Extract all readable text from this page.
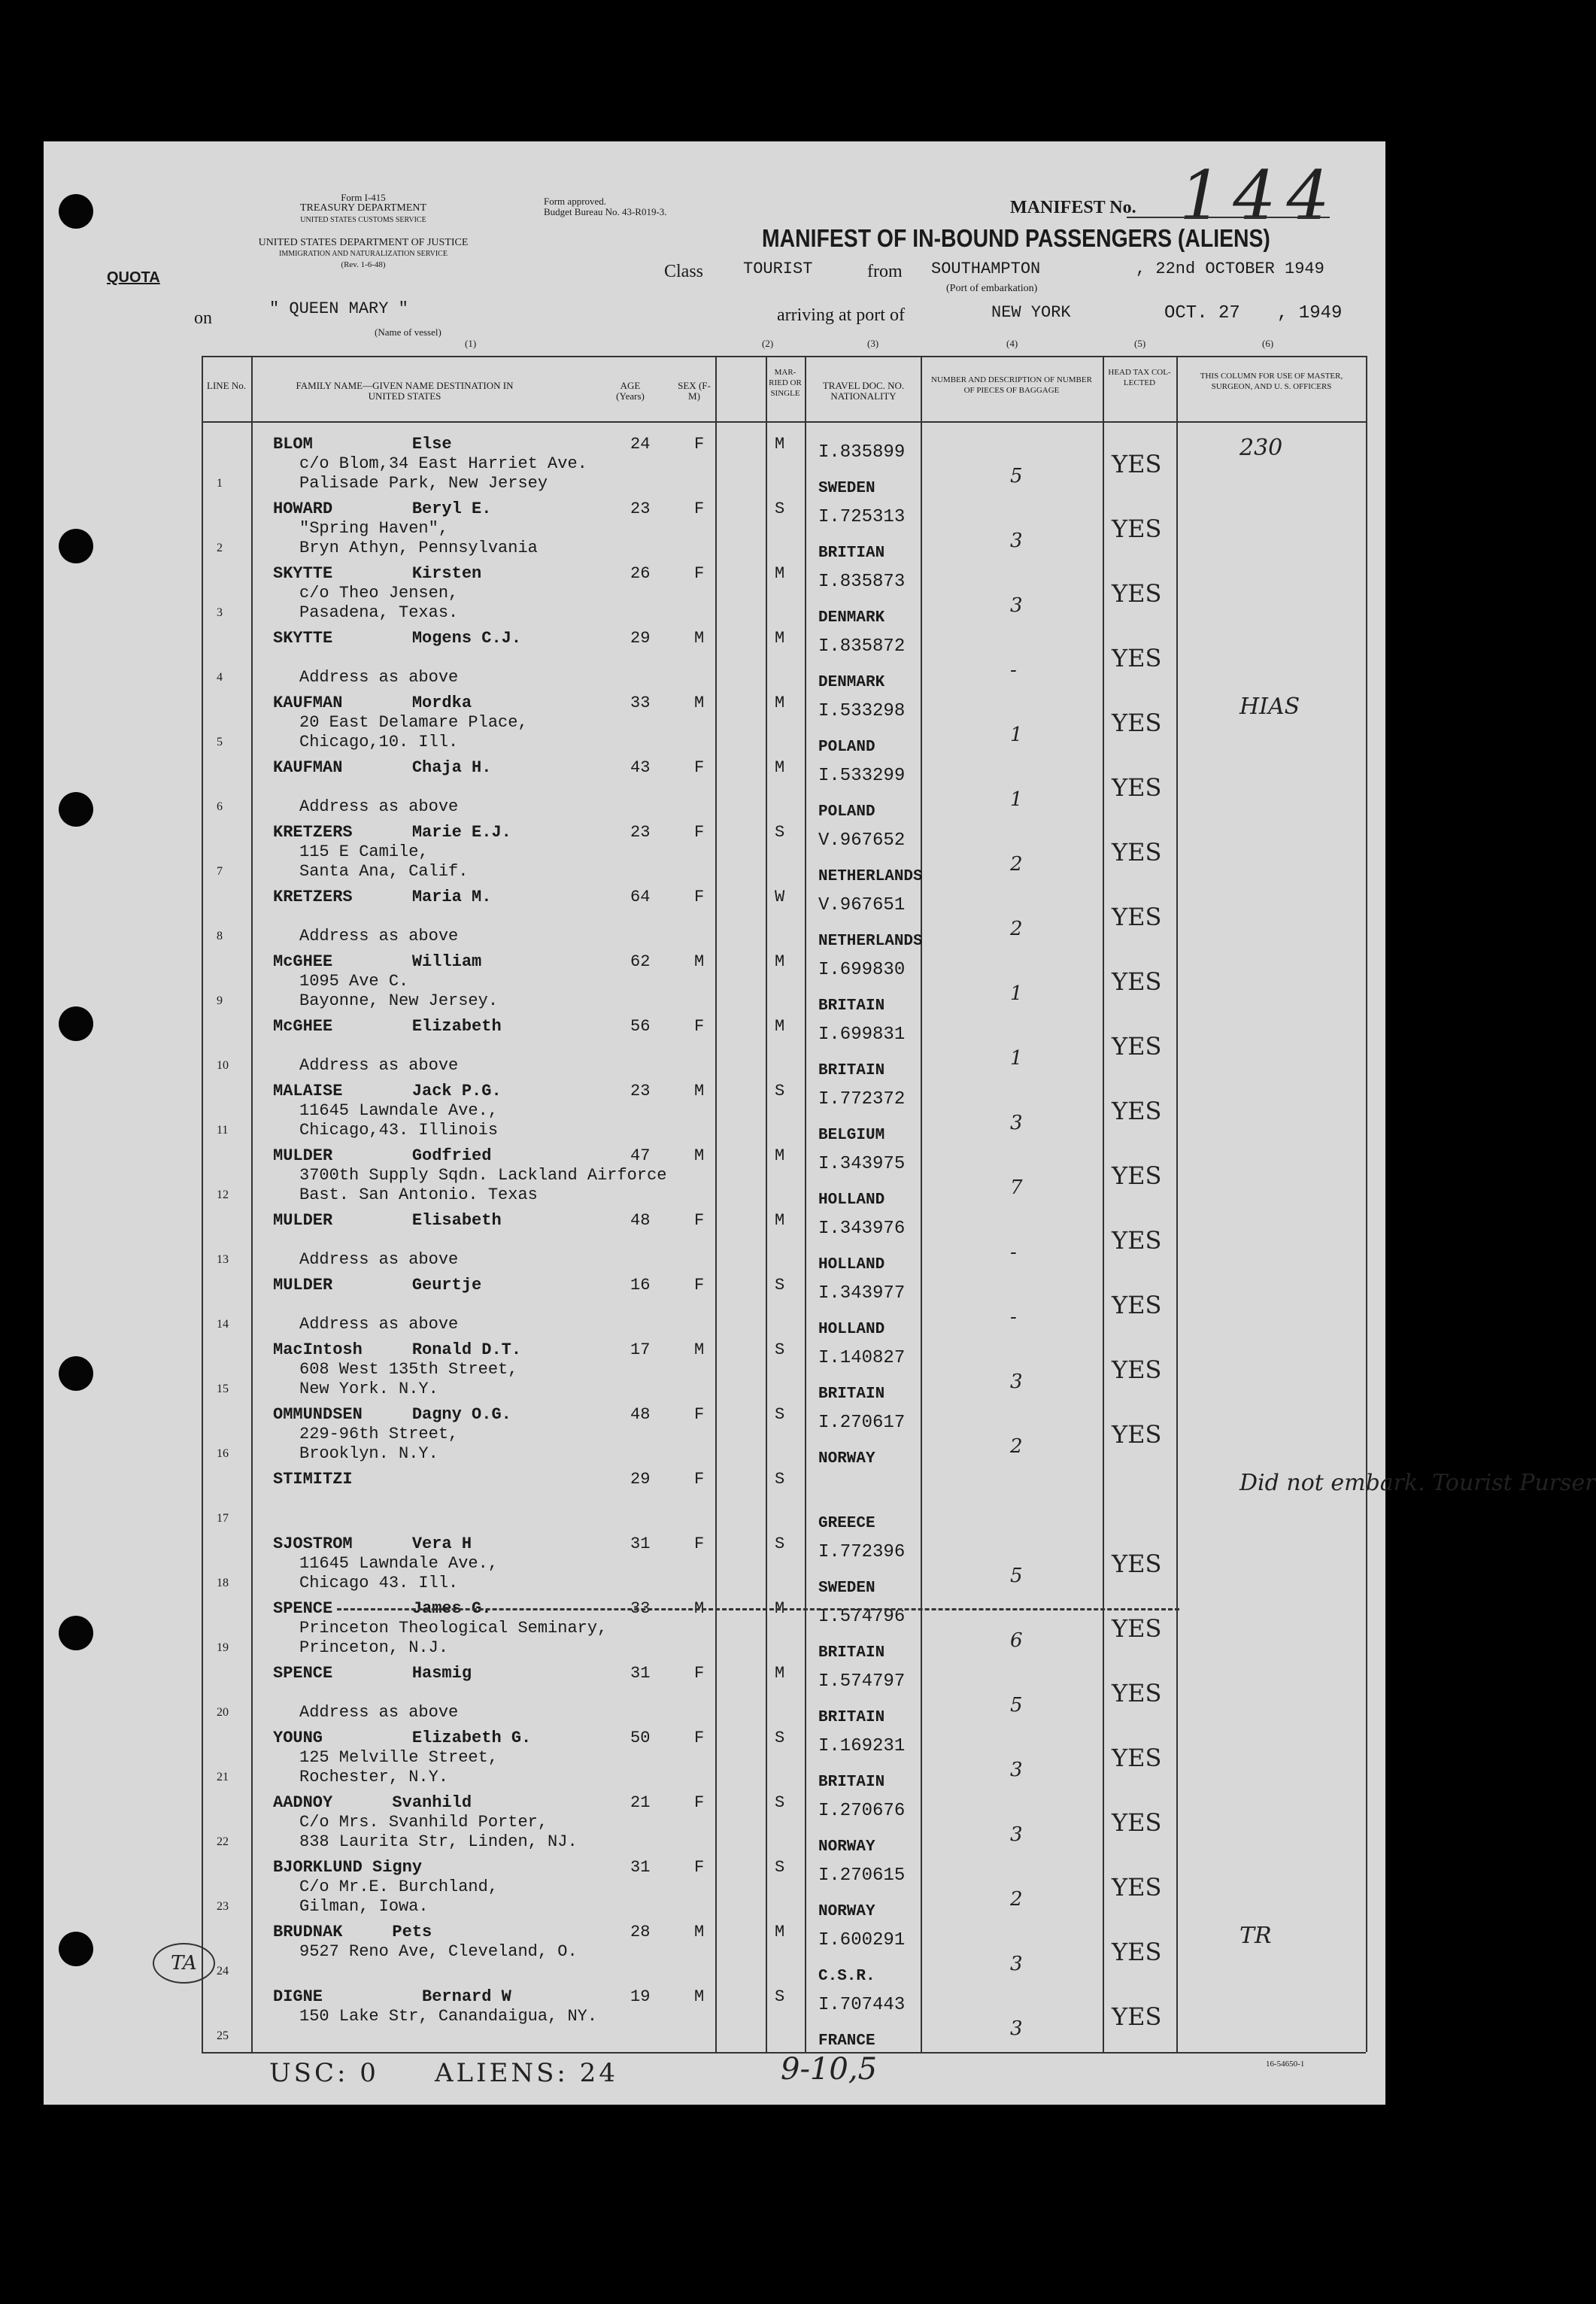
Form I-415
TREASURY DEPARTMENT
UNITED STATES CUSTOMS SERVICE
UNITED STATES DEPARTMENT OF JUSTICE
IMMIGRATION AND NATURALIZATION SERVICE
(Rev. 1-6-48)
Form approved.
Budget Bureau No. 43-R019-3.	MANIFEST No. 144
MANIFEST OF IN-BOUND PASSENGERS (ALIENS)
QUOTA	Class TOURIST	from SOUTHAMPTON	, 22nd OCTOBER 1949
(Port of embarkation)
on	" QUEEN MARY "
(Name of vessel)
arriving at port of	NEW YORK	OCT. 27 , 1949
(1)	(2)	(3)	(4)	(5)	(6)
LINE No.	FAMILY NAME—GIVEN NAME DESTINATION IN UNITED STATES
AGE (Years)
SEX (F-M)
MAR-RIED OR SINGLE
TRAVEL DOC. NO. NATIONALITY
NUMBER AND DESCRIPTION OF NUMBER OF PIECES OF BAGGAGE
HEAD TAX COL-LECTED
THIS COLUMN FOR USE OF MASTER, SURGEON, AND U. S. OFFICERS
1
BLOM          Else
c/o Blom,34 East Harriet Ave.
Palisade Park, New Jersey
24	F	M I.835899
SWEDEN
5	YES
230
2
HOWARD        Beryl E.
"Spring Haven",
Bryn Athyn, Pennsylvania
23	F	S I.725313
BRITIAN
3	YES
3
SKYTTE        Kirsten
c/o Theo Jensen,
Pasadena, Texas.
26	F	M I.835873
DENMARK
3	YES
4
SKYTTE        Mogens C.J.
Address as above
29	M	M I.835872
DENMARK
-	YES
5
KAUFMAN       Mordka
20 East Delamare Place,
Chicago,10. Ill.
33	M	M I.533298
POLAND
1	YES
HIAS
6
KAUFMAN       Chaja H.
Address as above
43	F	M I.533299
POLAND
1	YES
7
KRETZERS      Marie E.J.
115 E Camile,
Santa Ana, Calif.
23	F	S V.967652
NETHERLANDS
2	YES
8
KRETZERS      Maria M.
Address as above
64	F	W V.967651
NETHERLANDS
2	YES
9
McGHEE        William
1095 Ave C.
Bayonne, New Jersey.
62	M	M I.699830
BRITAIN
1	YES
10
McGHEE        Elizabeth
Address as above
56	F	M I.699831
BRITAIN
1	YES
11
MALAISE       Jack P.G.
11645 Lawndale Ave.,
Chicago,43. Illinois
23	M	S I.772372
BELGIUM
3	YES
12
MULDER        Godfried
3700th Supply Sqdn. Lackland Airforce
Bast. San Antonio. Texas
47	M	M I.343975
HOLLAND
7	YES
13
MULDER        Elisabeth
Address as above
48	F	M I.343976
HOLLAND
-	YES
14
MULDER        Geurtje
Address as above
16	F	S I.343977
HOLLAND
-	YES
15
MacIntosh     Ronald D.T.
608 West 135th Street,
New York. N.Y.
17	M	S I.140827
BRITAIN
3	YES
16
OMMUNDSEN     Dagny O.G.
229-96th Street,
Brooklyn. N.Y.
48	F	S I.270617
NORWAY
2	YES
17
STIMITZI	29	F	S
GREECE
Did not embark. Tourist Purser
18
SJOSTROM      Vera H
11645 Lawndale Ave.,
Chicago 43. Ill.
31	F	S I.772396
SWEDEN
5	YES
19
SPENCE        James G.
Princeton Theological Seminary,
Princeton, N.J.
33	M	M I.574796
BRITAIN
6	YES
20
SPENCE        Hasmig
Address as above
31	F	M I.574797
BRITAIN
5	YES
21
YOUNG         Elizabeth G.
125 Melville Street,
Rochester, N.Y.
50	F	S I.169231
BRITAIN
3	YES
22
AADNOY      Svanhild
C/o Mrs. Svanhild Porter,
838 Laurita Str, Linden, NJ.
21	F	S I.270676
NORWAY
3	YES
23
BJORKLUND Signy
C/o Mr.E. Burchland,
Gilman, Iowa.
31	F	S I.270615
NORWAY
2	YES
24
BRUDNAK     Pets
9527 Reno Ave, Cleveland, O.
28	M	M I.600291
C.S.R.
3	YES
TR
25
DIGNE          Bernard W
150 Lake Str, Canandaigua, NY.
19	M	S I.707443
FRANCE
3	YES
TA
USC: 0 ALIENS: 24	9-10,5	16-54650-1
